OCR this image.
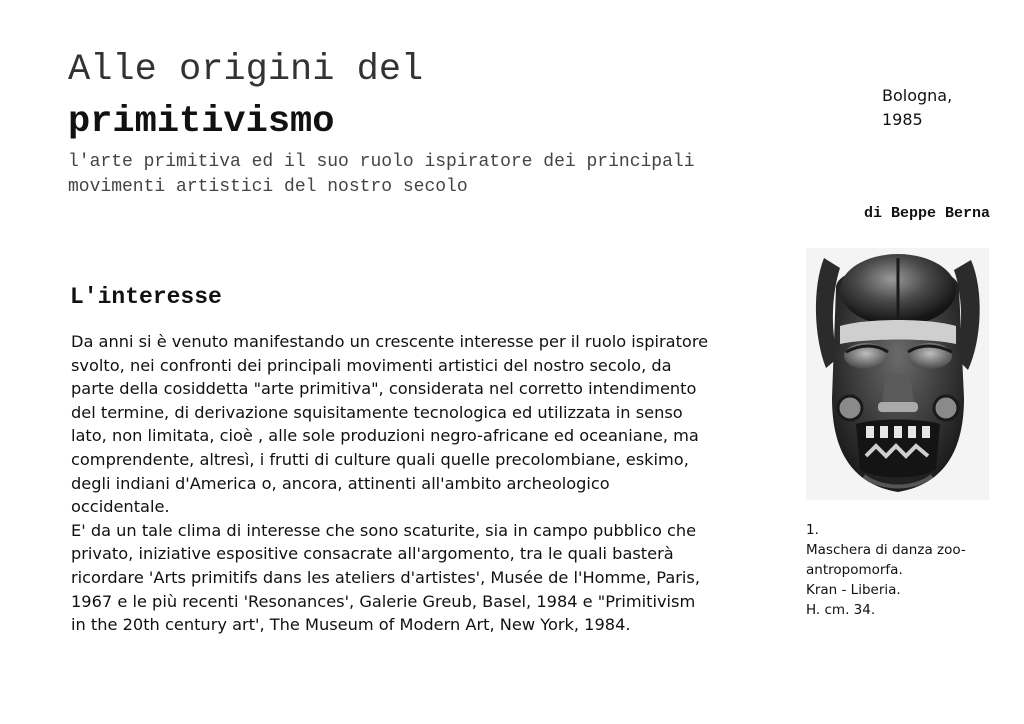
Alle origini del
primitivismo
l'arte primitiva ed il suo ruolo ispiratore dei principali
movimenti artistici del nostro secolo
Bologna,
1985
di Beppe Berna
L'interesse

Da anni si è venuto manifestando un crescente interesse per il ruolo ispiratore svolto, nei confronti dei principali movimenti artistici del nostro secolo, da parte della cosiddetta "arte primitiva", considerata nel corretto intendimento del termine, di derivazione squisitamente tecnologica ed utilizzata in senso lato, non limitata, cioè , alle sole produzioni negro-africane ed oceaniane, ma comprendente, altresì, i frutti di culture quali quelle precolombiane, eskimo, degli indiani d'America o, ancora, attinenti all'ambito archeologico occidentale.

E' da un tale clima di interesse che sono scaturite, sia in campo pubblico che privato, iniziative espositive consacrate all'argomento, tra le quali basterà ricordare 'Arts primitifs dans les ateliers d'artistes', Musée de l'Homme, Paris, 1967 e le più recenti 'Resonances', Galerie Greub, Basel, 1984 e "Primitivism in the 20th century art', The Museum of Modern Art, New York, 1984.

1.
Maschera di danza zoo-
antropomorfa.
Kran - Liberia.
H. cm. 34.
